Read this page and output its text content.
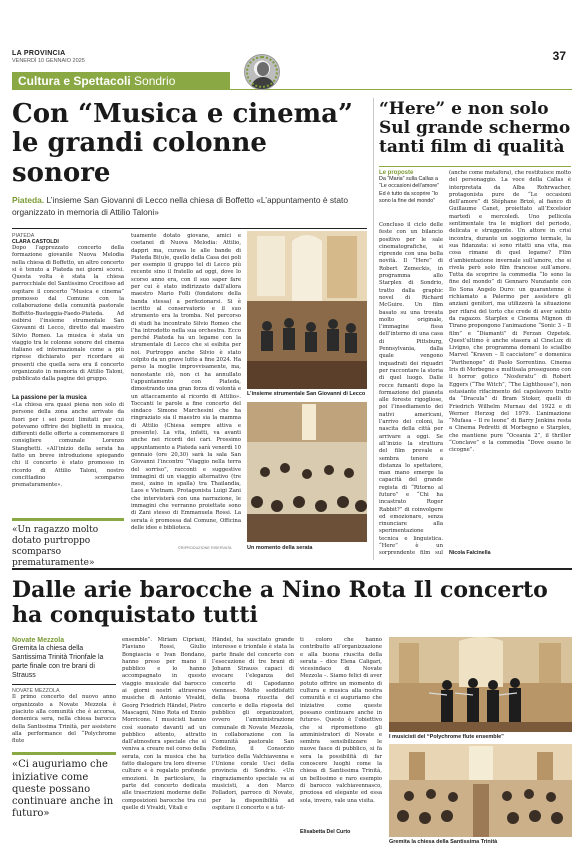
LA PROVINCIA
VENERDÌ 10 GENNAIO 2025	37
Cultura e Spettacoli Sondrio
Con “Musica e cinema” le grandi colonne sonore
Piateda. L’insieme San Giovanni di Lecco nella chiesa di Boffetto «L’appuntamento è stato organizzato in memoria di Attilio Taloni»
PIATEDA
CLARA CASTOLDI
Dopo l’apprezzato concerto della formazione giovanile Nuova Melodia nella chiesa di Boffetto, un altro concerto si è tenuto a Piateda nei giorni scorsi. Questa volta è stata la chiesa parrocchiale del Santissimo Crocifisso ad ospitare il concerto “Musica e cinema” promosso dal Comune con la collaborazione della comunità pastorale Boffetto-Busteggia-Faedo-Piateda. Ad esibirsi l’insieme strumentale San Giovanni di Lecco, diretto dal maestro Silvio Romeo. La musica è stata un viaggio tra le colonne sonore del cinema italiano ed internazionale come a più riprese dichiarato per ricordare ai presenti che quella sera era il concerto organizzato in memoria di Attilio Taloni, pubblicato dalla pagine dei gruppo.
La passione per la musica
«La chiesa era quasi piena non solo di persone della zona anche arrivate da fuori per i sei pezzi limitati per cui potevamo offrire dei biglietti in musica, differenti delle offerte a commemorare il consigliere comunale Lorenzo Stanghetti. «All’inizio della serata ha fatto un breve introduzione spiegando chi il concerto è stato promosso in ricordo di Attilio Taloni, nostro concittadino scomparso prematuramente».
«Un ragazzo molto dotato purtroppo scomparso prematuramente»
tuamente dotato giovane, amici e coetanei di Nuova Melodia: Attilio, dappri ma, curava le alle bande di Piateda Bi(u)e, quello della Casa dei poli per esempio il gruppo tel di Lecco più recente sino il fratello ad oggi, dove lo scorso anno era, con il suo saper fare per cui è stato indirizzato dall’allora maestro Mario Folli (fondatore della banda stessa) a perfezionarsi. Si è iscritto al conservatorio e il suo strumento era la tromba. Nel percorso di studi ha incontrato Silvio Romeo che l’ha introdotto nella sua orchestra. Ecco perché Piateda ha un legame con la strumentale di Lecco che si esibita per noi. Purtroppo anche Silvio è stato colpito da un grave lutto a fine 2024. Ha perso la moglie improvvisamente, ma, nonostante ciò, non ci ha annullato l’appuntamento con Piateda, dimostrando una gran forza di volontà e un attaccamento al ricordo di Attilio». Toccanti le parole a fine concerto del sindaco Simone Marchesini che ha ringraziato sia il maestro sia la mamma di Attilio (Chiesa sempre attiva e presente). La vita, infatti, va avanti anche nei ricordi dei cari. Prossimo appuntamento a Piateda sarà venerdì 10 gennaio (ore 20,30) sarà la sala San Giovanni l’incontro “Viaggio nella terra del sorriso”, racconti e suggestive immagini di un viaggio alternativo (tre mesi, zaino in spalla) tra Thailandia, Laos e Vietnam. Protagonista Luigi Zani che intervisterà con una narrazione, le immagini che verranno proiettate sono di Zani stesso di Emmanuela Rossi. La serata è promossa dal Comune, Officina delle idee e biblioteca.
L’insieme strumentale San Giovanni di Lecco
Un momento della serata
©RIPRODUZIONE RISERVATA
“Here” e non solo Sul grande schermo tanti film di qualità
Le proposte
Da “Maria” sulla Callas a “Le occasioni dell’amore” Ed è tutto da scoprire “Io sono la fine del mondo”
Concluso il ciclo delle feste con un bilancio positivo per le sale cinematografiche, si riprende con una bella novità. Il “Here” di Robert Zemeckis, in programma allo Starplex di Sondrio, tratto dalla graphic novel di Richard McGuire. Un film basato su una trovata molto originale, l’immagine fissa dell’interno di una casa di Pittsburg, Pennsylvania, dalla quale vengono inquadrati dei riquadri per raccontare la storia di quel luogo. Dalle rocce fumanti dopo la formazione del pianeta alle foreste rigogliose, poi l’insediamento dei nativi americani, l’arrivo dei coloni, la nascita della città per arrivare a oggi. Se all’inizio la struttura del film prevale e sembra tenere a distanza lo spettatore, man mano emerge la capacità del grande regista di “Ritorno al futuro” e “Chi ha incastrato Roger Rabbit?” di coinvolgere ed emozionare, senza rinunciare alla sperimentazione tecnica e linguistica. “Here” è un sorprendente film sul
(anche come metafora), che restituisce molto del personaggio. La voce della Callas è interpretata da Alba Rohrwacher, protagonista pure de “Le occasioni dell’amore” di Stéphane Brizé, al fianco di Guillaume Canet, proiettato all’Excelsior martedì e mercoledì. Uno pellicola sentimentale tra le migliori del periodo, delicata e struggente. Un attore in crisi incontra, durante un soggiorno termale, la sua fidanzata: si sono ritatti una vita, ma cosa rimane di quel legame? Film d’ambientazione invernale sull’amore, che si rivela però solo film francese sull’amore. Tutta da scoprire la commedia “Io sono la fine del mondo” di Gennaro Nunziante con Ilo Sona Angelo Duro: un quarantenne è richiamato a Palermo per assistere gli anziani genitori, ma utilizzerà la situazione per rifarsi del torto che crede di aver subito da ragazzo. Starplex e Cinema Mignon di Tirano propongono l’animazione “Sonic 3 – Il film” e “Diamanti” di Ferzan Ozpetek. Quest’ultimo è anche stasera al CineLux di Livigno, che programma domani lo sciallbo Marvel “Kraven – Il cacciatore” e domenica “Parthenope” di Paolo Sorrentino. Cinema Iris di Morbegno e multisala proseguono con il horror gotico “Nosferatu” di Robert Eggers (“The Witch”, “The Lighthouse”), non estasiante rifacimento del capolavoro tratto da “Dracula” di Bram Stoker, quelli di Friedrich Wilhelm Murnau del 1922 e di Werner Herzog del 1979. L’animazione “Mufasa – Il re leone” di Barry Jenkins resta a Cinema Pedretti di Morbegno e Starplex, che mantiene pure “Oceania 2”, il thriller “Conclave” e la commedia “Dove osano le cicogne”.
Nicola Falcinella
Dalle arie barocche a Nino Rota Il concerto ha conquistato tutti
Novate Mezzola
Gremita la chiesa della Santissima Trinità Trionfale la parte finale con tre brani di Strauss
NOVATE MEZZOLA
Il primo concerto del nuovo anno organizzato a Novate Mezzola è piaciuto alla comunità che è accorsa, domenica sera, nella chiesa barocca della Santissima Trinità, per assistere alla performance del “Polychrome flute
«Ci auguriamo che iniziative come queste possano continuare anche in futuro»
ensemble”. Miriam Cipriani, Flaviano Rossi, Giulio Bongiascia e Ivan Bondano, hanno preso per mano il pubblico e lo hanno accompagnato in questo viaggio musicale dal barocco ai giorni nostri attraverso musiche di Antonio Vivaldi, Georg Friedrich Händel, Pietro Mascagni, Nino Rota ed Ennio Morricone. I musicisti hanno così suonato davanti ad un pubblico attento, attratto dall’atmosfera speciale che si veniva a creare nel corso della serata, con la musica che ha fatto dialogare tra loro diverse culture e è regalato profonde emozioni. In particolare, la parte del concerto dedicata alle trascrizioni moderne delle composizioni barocche tra cui quelle di Vivaldi, Vitali e
Händel, ha suscitato grande interesse e trionfale è stata la parte finale del concerto con l’esecuzione di tre brani di Johann Strauss capaci di evocare l’eleganza del concerto di Capodanno viennese. Molto soddisfatti della buona riuscita del concerto e della risposta del pubblico gli organizzatori, ovvero l’amministrazione comunale di Novate Mezzola, in collaborazione con la Comunità pastorale San Fedelino, il Consorzio turistico della Valchiavenna e l’Unione corale Usci della provincia di Sondrio. «Un ringraziamento speciale va ai musicisti, a don Marco Folladori, parroco di Novate, per la disponibilità ad ospitare il concerto e a tut-
ti coloro che hanno contribuito all’organizzazione e alla buona riuscita della serata – dice Elena Caligari, vicesindaco di Novate Mezzola –. Siamo felici di aver potuto offrire un momento di cultura e musica alla nostra comunità e ci auguriamo che iniziative come queste possano continuare anche in futuro». Questo è l’obiettivo che si ripromettono gli amministratori di Novate e sembra sensibilizzare le nuove fasce di pubblico, si fa sera la possibilità di far conoscere luoghi come la chiesa di Santissima Trinità, un bellissimo e raro esempio di barocco valchiavennasco, preziosa ed elegante ed essa sola, invero, vale una visita.
Elisabetta Del Curto
I musicisti del “Polychrome flute ensemble”
Gremita la chiesa della Santissima Trinità
